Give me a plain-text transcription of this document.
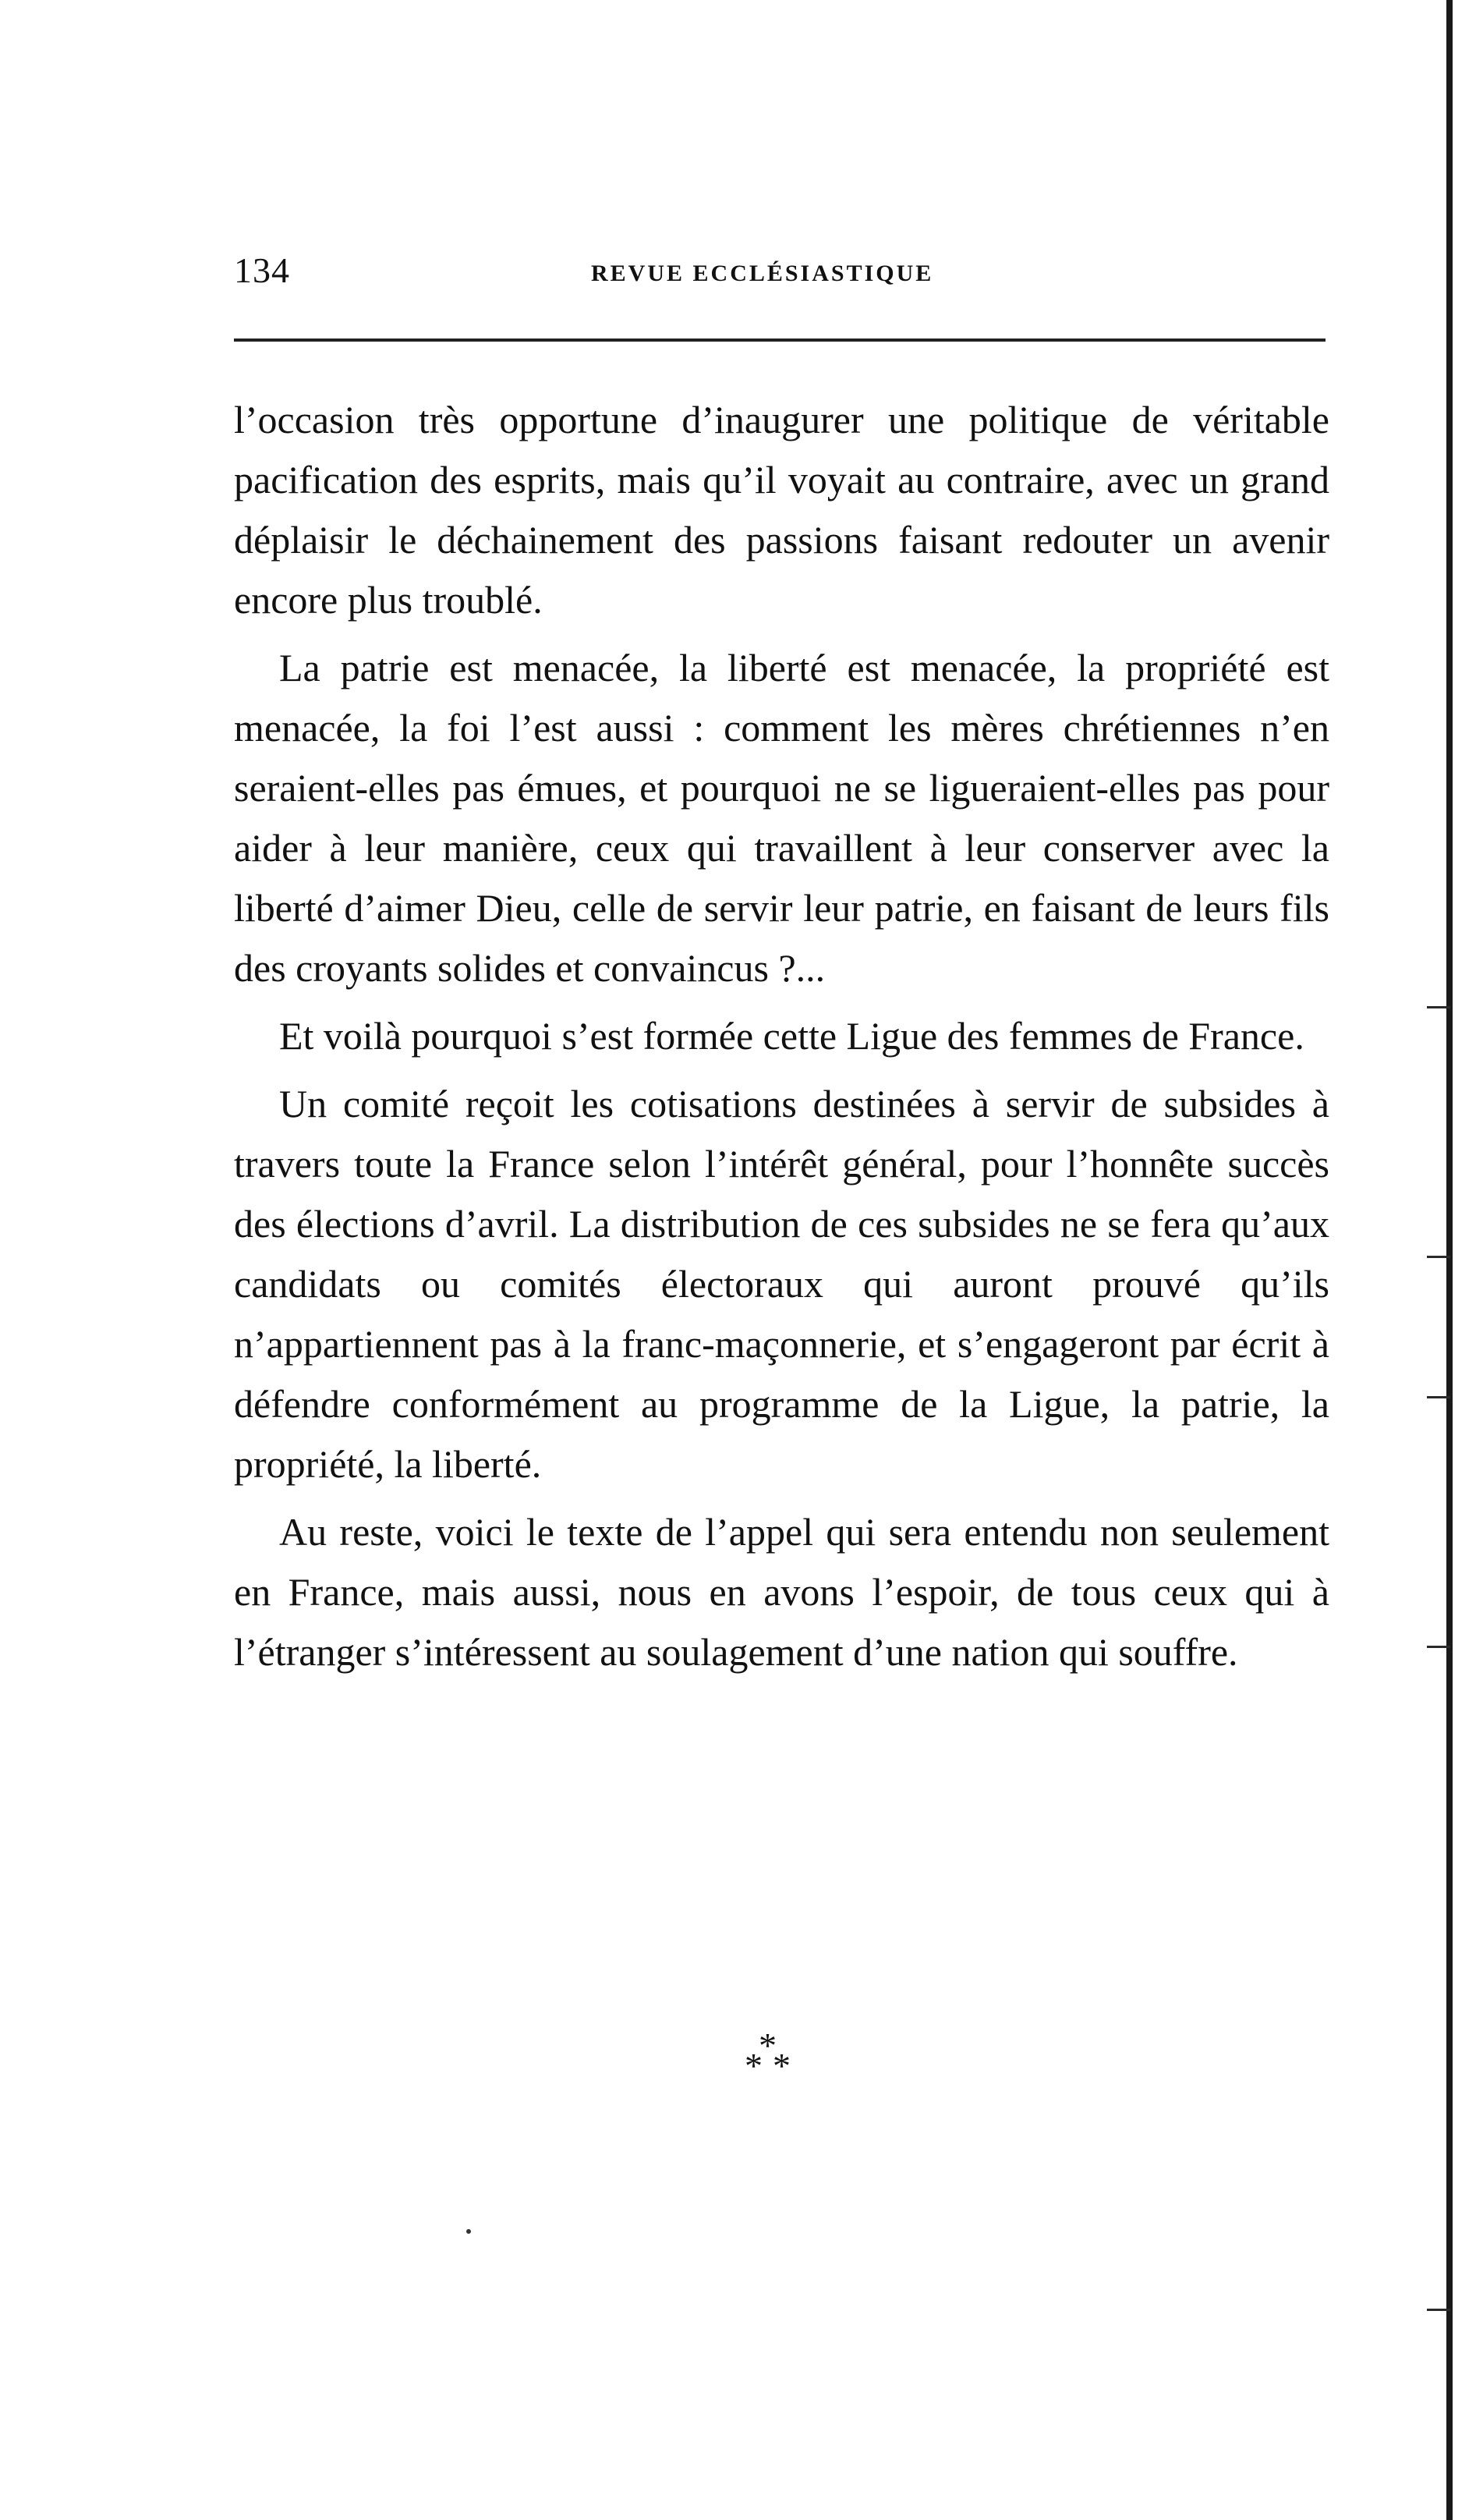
134	REVUE ECCLÉSIASTIQUE

l’occasion très opportune d’inaugurer une politique de véritable pacification des esprits, mais qu’il voyait au contraire, avec un grand déplaisir le déchainement des passions faisant redouter un avenir encore plus troublé.

La patrie est menacée, la liberté est menacée, la propriété est menacée, la foi l’est aussi : comment les mères chrétiennes n’en seraient-elles pas émues, et pourquoi ne se ligueraient-elles pas pour aider à leur manière, ceux qui travaillent à leur conserver avec la liberté d’aimer Dieu, celle de servir leur patrie, en faisant de leurs fils des croyants solides et convaincus ?...

Et voilà pourquoi s’est formée cette Ligue des femmes de France.

Un comité reçoit les cotisations destinées à servir de subsides à travers toute la France selon l’intérêt général, pour l’honnête succès des élections d’avril. La distribution de ces subsides ne se fera qu’aux candidats ou comités électoraux qui auront prouvé qu’ils n’appartiennent pas à la franc-maçonnerie, et s’engageront par écrit à défendre conformément au programme de la Ligue, la patrie, la propriété, la liberté.

Au reste, voici le texte de l’appel qui sera entendu non seulement en France, mais aussi, nous en avons l’espoir, de tous ceux qui à l’étranger s’intéressent au soulagement d’une nation qui souffre.

*
* *
